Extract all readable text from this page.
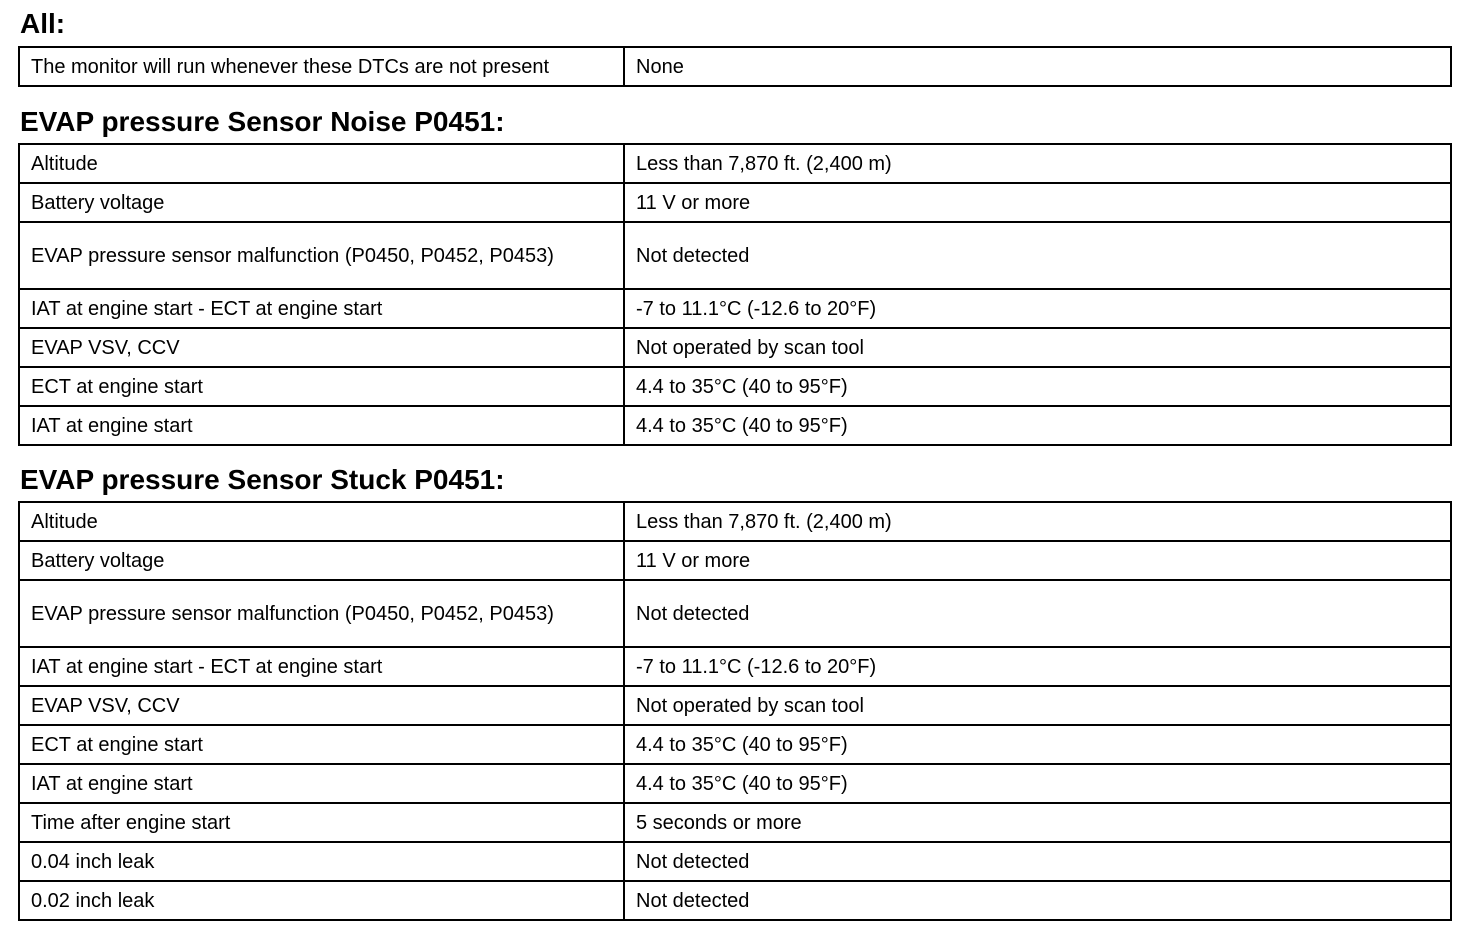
All:
The monitor will run whenever these DTCs are not present	None
EVAP pressure Sensor Noise P0451:
Altitude	Less than 7,870 ft. (2,400 m)
Battery voltage	11 V or more
EVAP pressure sensor malfunction (P0450, P0452, P0453)	Not detected
IAT at engine start - ECT at engine start	-7 to 11.1°C (-12.6 to 20°F)
EVAP VSV, CCV	Not operated by scan tool
ECT at engine start	4.4 to 35°C (40 to 95°F)
IAT at engine start	4.4 to 35°C (40 to 95°F)
EVAP pressure Sensor Stuck P0451:
Altitude	Less than 7,870 ft. (2,400 m)
Battery voltage	11 V or more
EVAP pressure sensor malfunction (P0450, P0452, P0453)	Not detected
IAT at engine start - ECT at engine start	-7 to 11.1°C (-12.6 to 20°F)
EVAP VSV, CCV	Not operated by scan tool
ECT at engine start	4.4 to 35°C (40 to 95°F)
IAT at engine start	4.4 to 35°C (40 to 95°F)
Time after engine start	5 seconds or more
0.04 inch leak	Not detected
0.02 inch leak	Not detected
